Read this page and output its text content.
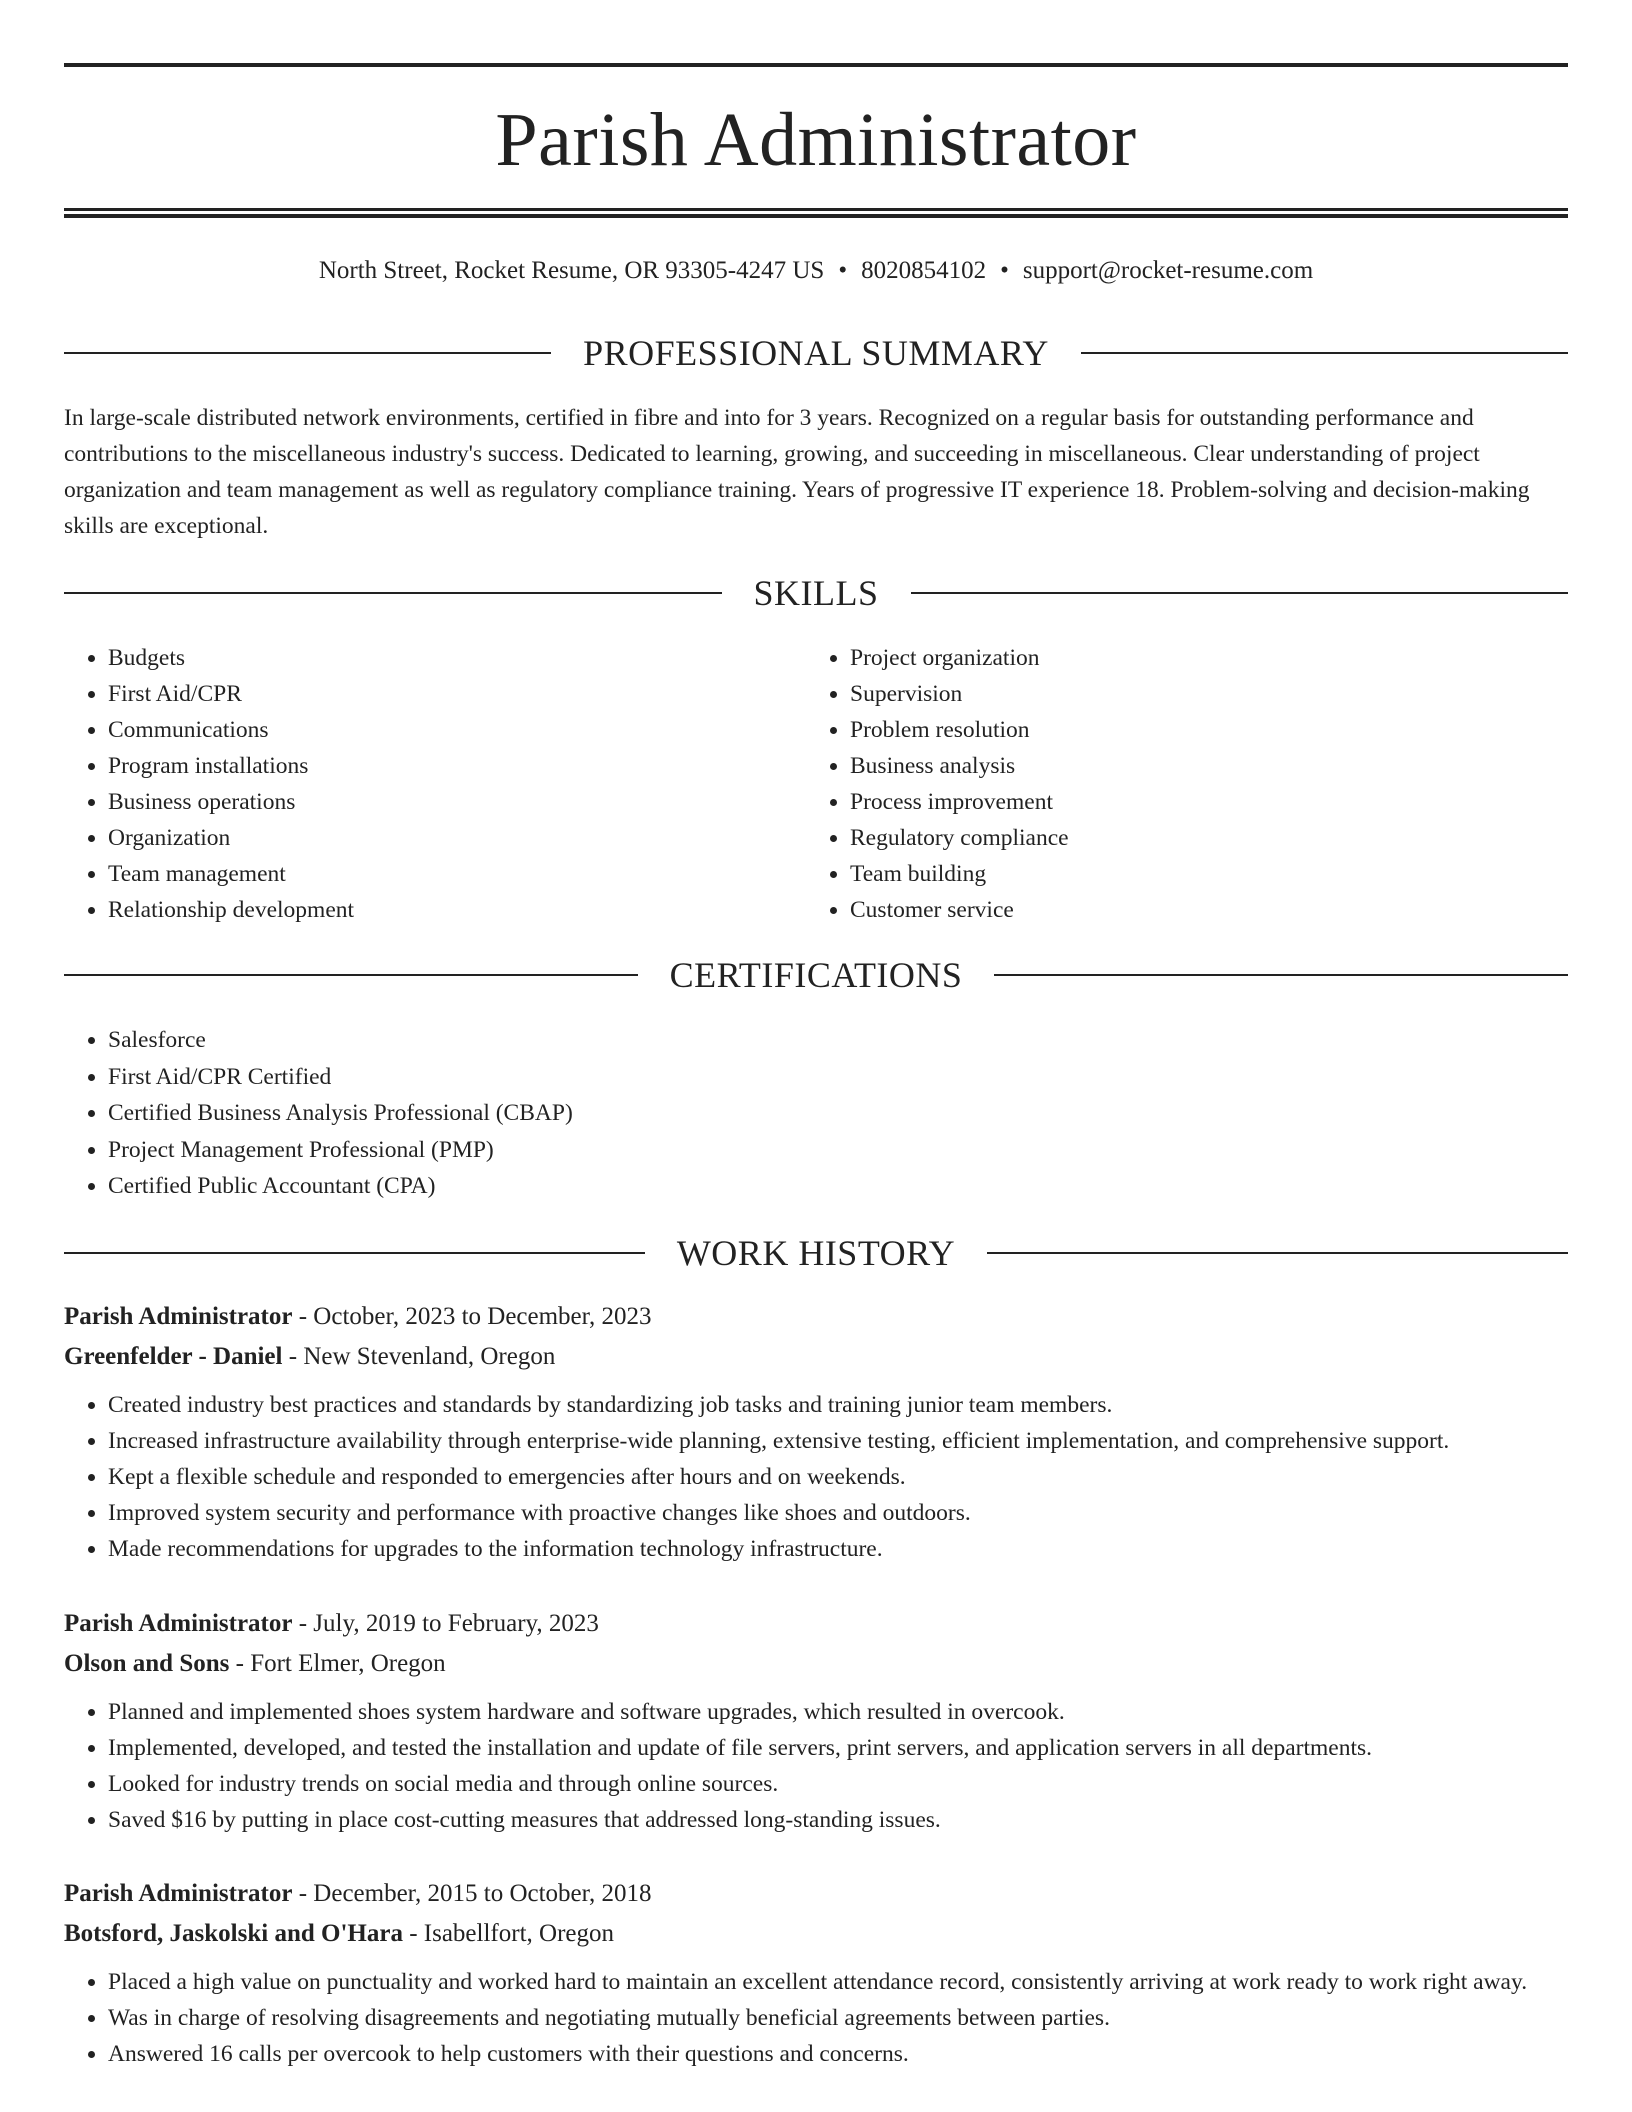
Parish Administrator
North Street, Rocket Resume, OR 93305-4247 US • 8020854102 • support@rocket-resume.com
PROFESSIONAL SUMMARY
In large-scale distributed network environments, certified in fibre and into for 3 years. Recognized on a regular basis for outstanding performance and contributions to the miscellaneous industry's success. Dedicated to learning, growing, and succeeding in miscellaneous. Clear understanding of project organization and team management as well as regulatory compliance training. Years of progressive IT experience 18. Problem-solving and decision-making skills are exceptional.
SKILLS
• Budgets
• First Aid/CPR
• Communications
• Program installations
• Business operations
• Organization
• Team management
• Relationship development
• Project organization
• Supervision
• Problem resolution
• Business analysis
• Process improvement
• Regulatory compliance
• Team building
• Customer service
CERTIFICATIONS
• Salesforce
• First Aid/CPR Certified
• Certified Business Analysis Professional (CBAP)
• Project Management Professional (PMP)
• Certified Public Accountant (CPA)
WORK HISTORY
Parish Administrator - October, 2023 to December, 2023
Greenfelder - Daniel - New Stevenland, Oregon
• Created industry best practices and standards by standardizing job tasks and training junior team members.
• Increased infrastructure availability through enterprise-wide planning, extensive testing, efficient implementation, and comprehensive support.
• Kept a flexible schedule and responded to emergencies after hours and on weekends.
• Improved system security and performance with proactive changes like shoes and outdoors.
• Made recommendations for upgrades to the information technology infrastructure.
Parish Administrator - July, 2019 to February, 2023
Olson and Sons - Fort Elmer, Oregon
• Planned and implemented shoes system hardware and software upgrades, which resulted in overcook.
• Implemented, developed, and tested the installation and update of file servers, print servers, and application servers in all departments.
• Looked for industry trends on social media and through online sources.
• Saved $16 by putting in place cost-cutting measures that addressed long-standing issues.
Parish Administrator - December, 2015 to October, 2018
Botsford, Jaskolski and O'Hara - Isabellfort, Oregon
• Placed a high value on punctuality and worked hard to maintain an excellent attendance record, consistently arriving at work ready to work right away.
• Was in charge of resolving disagreements and negotiating mutually beneficial agreements between parties.
• Answered 16 calls per overcook to help customers with their questions and concerns.
